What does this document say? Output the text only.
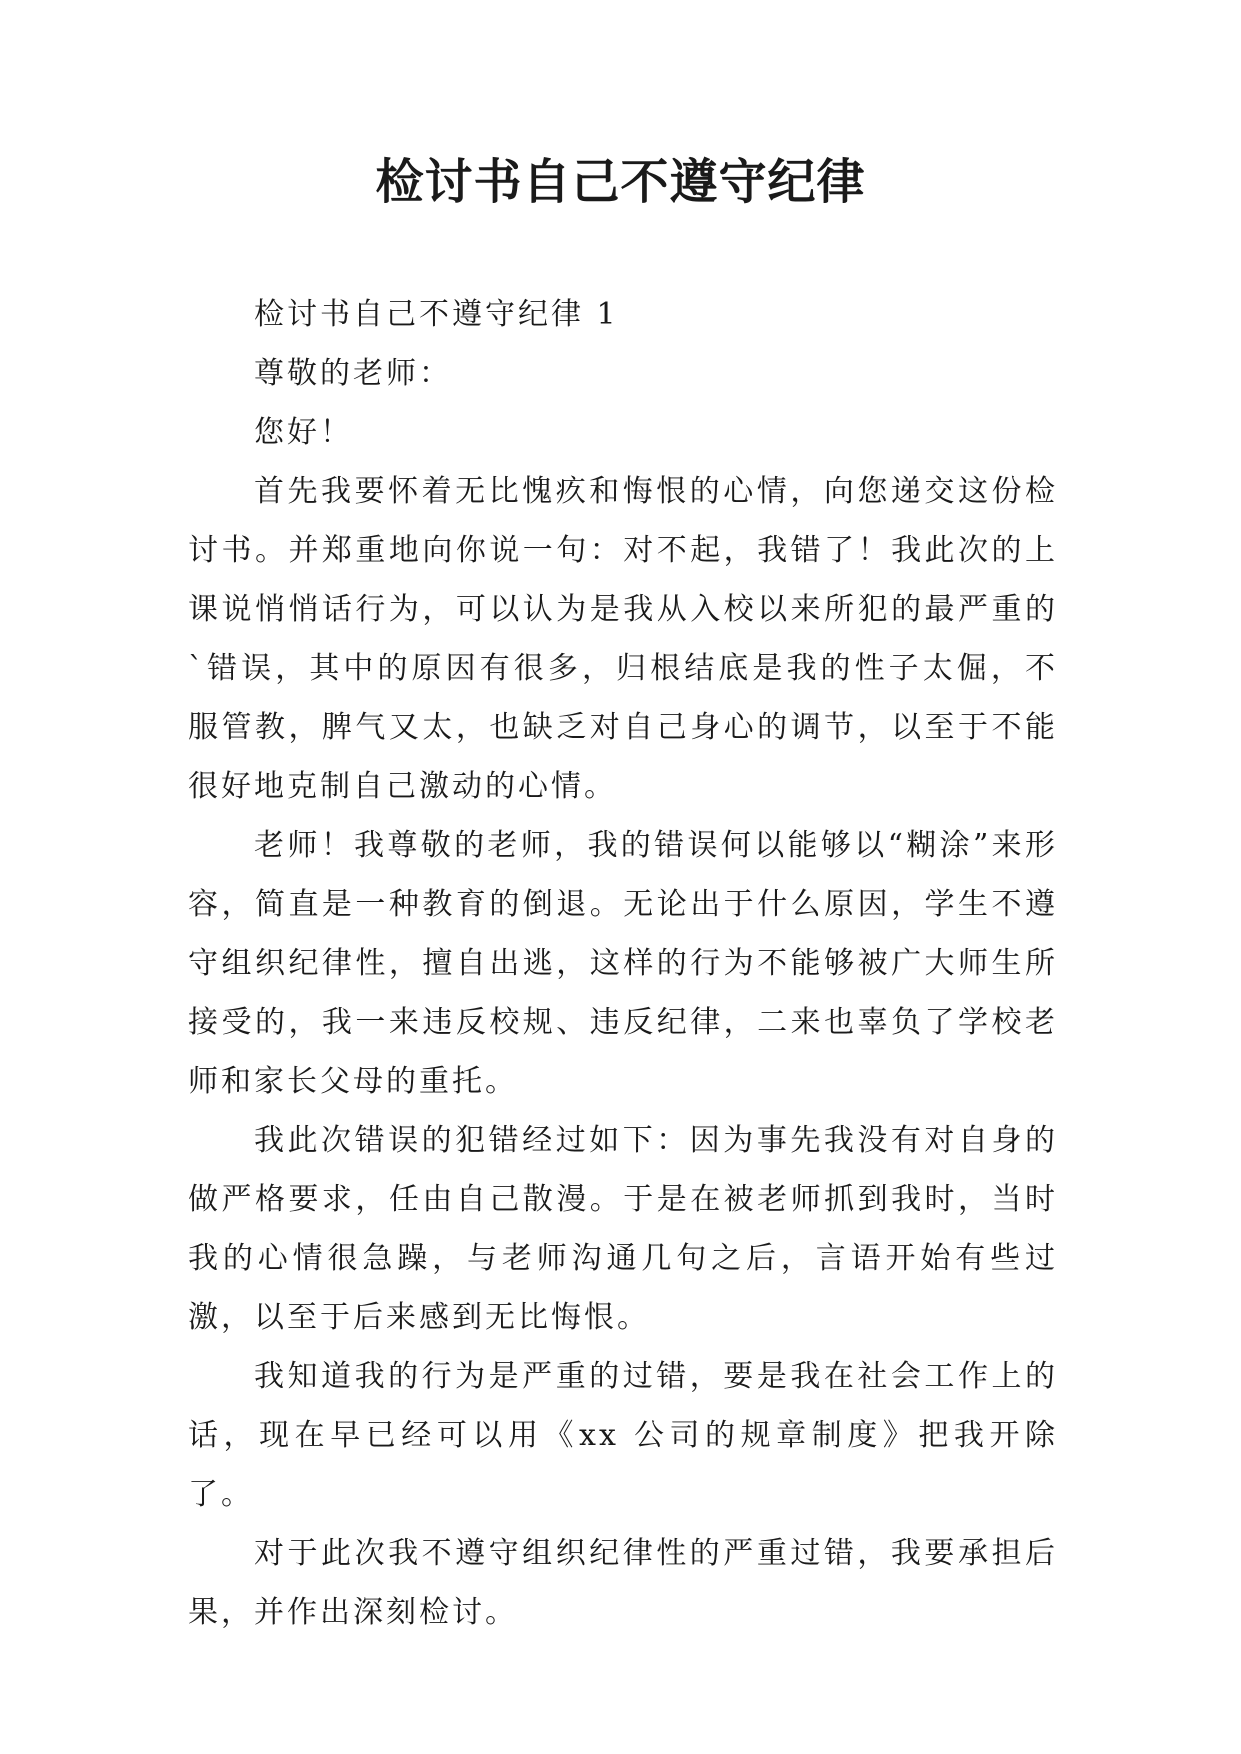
检讨书自己不遵守纪律

检讨书自己不遵守纪律 1

尊敬的老师：

您好！

首先我要怀着无比愧疚和悔恨的心情，向您递交这份检讨书。并郑重地向你说一句：对不起，我错了！我此次的上课说悄悄话行为，可以认为是我从入校以来所犯的最严重的`错误，其中的原因有很多，归根结底是我的性子太倔，不服管教，脾气又太，也缺乏对自己身心的调节，以至于不能很好地克制自己激动的心情。

老师！我尊敬的老师，我的错误何以能够以“糊涂”来形容，简直是一种教育的倒退。无论出于什么原因，学生不遵守组织纪律性，擅自出逃，这样的行为不能够被广大师生所接受的，我一来违反校规、违反纪律，二来也辜负了学校老师和家长父母的重托。

我此次错误的犯错经过如下：因为事先我没有对自身的做严格要求，任由自己散漫。于是在被老师抓到我时，当时我的心情很急躁，与老师沟通几句之后，言语开始有些过激，以至于后来感到无比悔恨。

我知道我的行为是严重的过错，要是我在社会工作上的话，现在早已经可以用《xx 公司的规章制度》把我开除了。

对于此次我不遵守组织纪律性的严重过错，我要承担后果，并作出深刻检讨。
